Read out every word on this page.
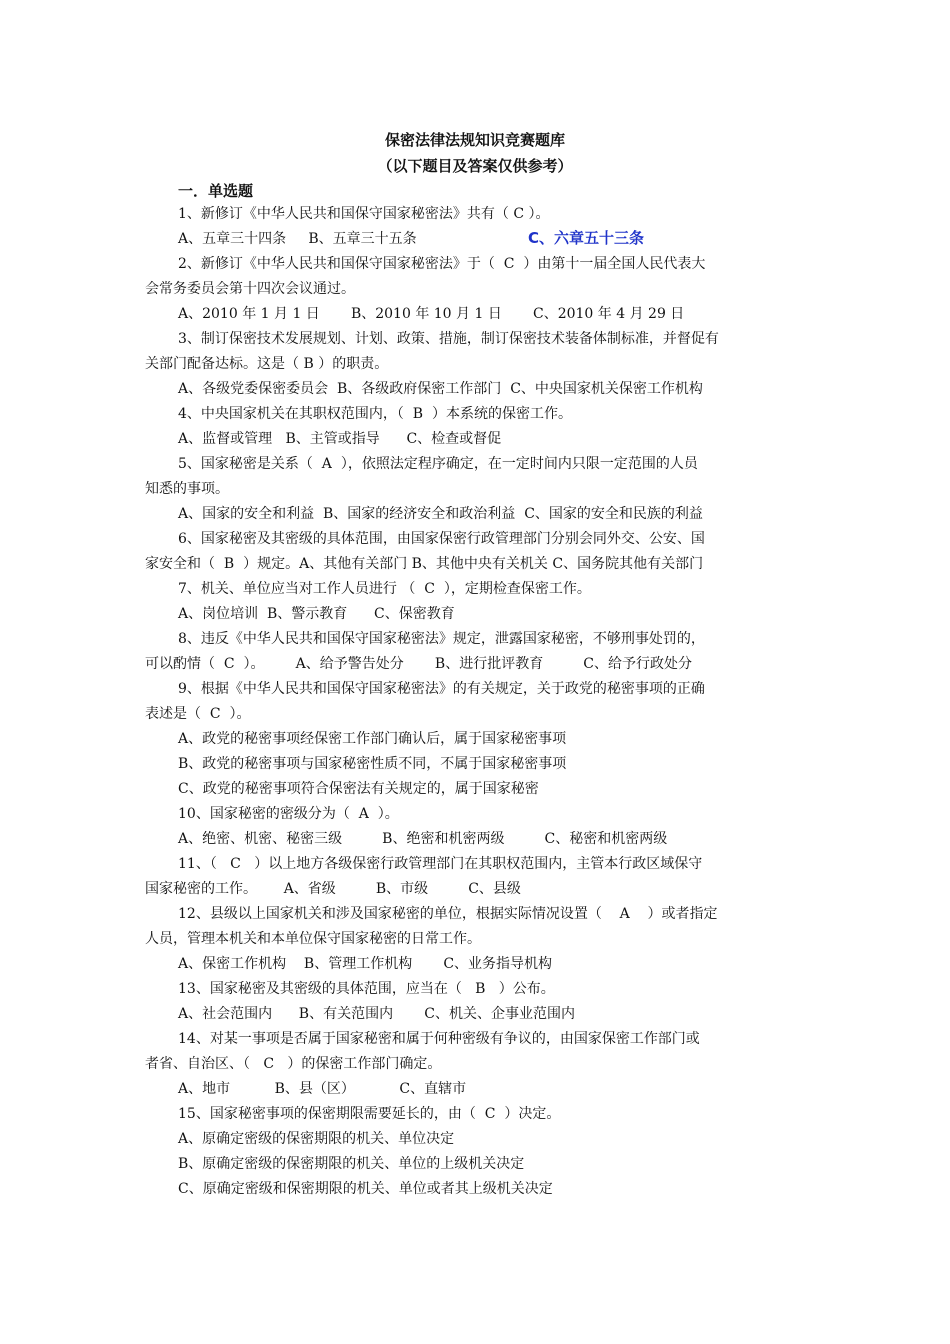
保密法律法规知识竞赛题库
（以下题目及答案仅供参考）
一．单选题
1、新修订《中华人民共和国保守国家秘密法》共有（ C ）。
A、五章三十四条     B、五章三十五条	C、六章五十三条
2、新修订《中华人民共和国保守国家秘密法》于（  C  ）由第十一届全国人民代表大
会常务委员会第十四次会议通过。
A、2010 年 1 月 1 日       B、2010 年 10 月 1 日       C、2010 年 4 月 29 日
3、制订保密技术发展规划、计划、政策、措施，制订保密技术装备体制标准，并督促有
关部门配备达标。这是（ B ）的职责。
A、各级党委保密委员会  B、各级政府保密工作部门  C、中央国家机关保密工作机构
4、中央国家机关在其职权范围内，（  B  ）本系统的保密工作。
A、监督或管理   B、主管或指导      C、检查或督促
5、国家秘密是关系（  A  ），依照法定程序确定，在一定时间内只限一定范围的人员
知悉的事项。
A、国家的安全和利益  B、国家的经济安全和政治利益  C、国家的安全和民族的利益
6、国家秘密及其密级的具体范围，由国家保密行政管理部门分别会同外交、公安、国
家安全和（  B  ）规定。A、其他有关部门 B、其他中央有关机关 C、国务院其他有关部门
7、机关、单位应当对工作人员进行 （  C  ），定期检查保密工作。
A、岗位培训  B、警示教育      C、保密教育
8、违反《中华人民共和国保守国家秘密法》规定，泄露国家秘密，不够刑事处罚的，
可以酌情（  C  ）。       A、给予警告处分       B、进行批评教育         C、给予行政处分
9、根据《中华人民共和国保守国家秘密法》的有关规定，关于政党的秘密事项的正确
表述是（  C  ）。
A、政党的秘密事项经保密工作部门确认后，属于国家秘密事项
B、政党的秘密事项与国家秘密性质不同，不属于国家秘密事项
C、政党的秘密事项符合保密法有关规定的，属于国家秘密
10、国家秘密的密级分为（  A  ）。
A、绝密、机密、秘密三级         B、绝密和机密两级         C、秘密和机密两级
11、（   C   ）以上地方各级保密行政管理部门在其职权范围内，主管本行政区域保守
国家秘密的工作。      A、省级         B、市级         C、县级
12、县级以上国家机关和涉及国家秘密的单位，根据实际情况设置（    A    ）或者指定
人员，管理本机关和本单位保守国家秘密的日常工作。
A、保密工作机构    B、管理工作机构       C、业务指导机构
13、国家秘密及其密级的具体范围，应当在（   B   ）公布。
A、社会范围内      B、有关范围内       C、机关、企事业范围内
14、对某一事项是否属于国家秘密和属于何种密级有争议的，由国家保密工作部门或
者省、自治区、（   C   ）的保密工作部门确定。
A、地市          B、县（区）          C、直辖市
15、国家秘密事项的保密期限需要延长的，由（  C  ）决定。
A、原确定密级的保密期限的机关、单位决定
B、原确定密级的保密期限的机关、单位的上级机关决定
C、原确定密级和保密期限的机关、单位或者其上级机关决定
